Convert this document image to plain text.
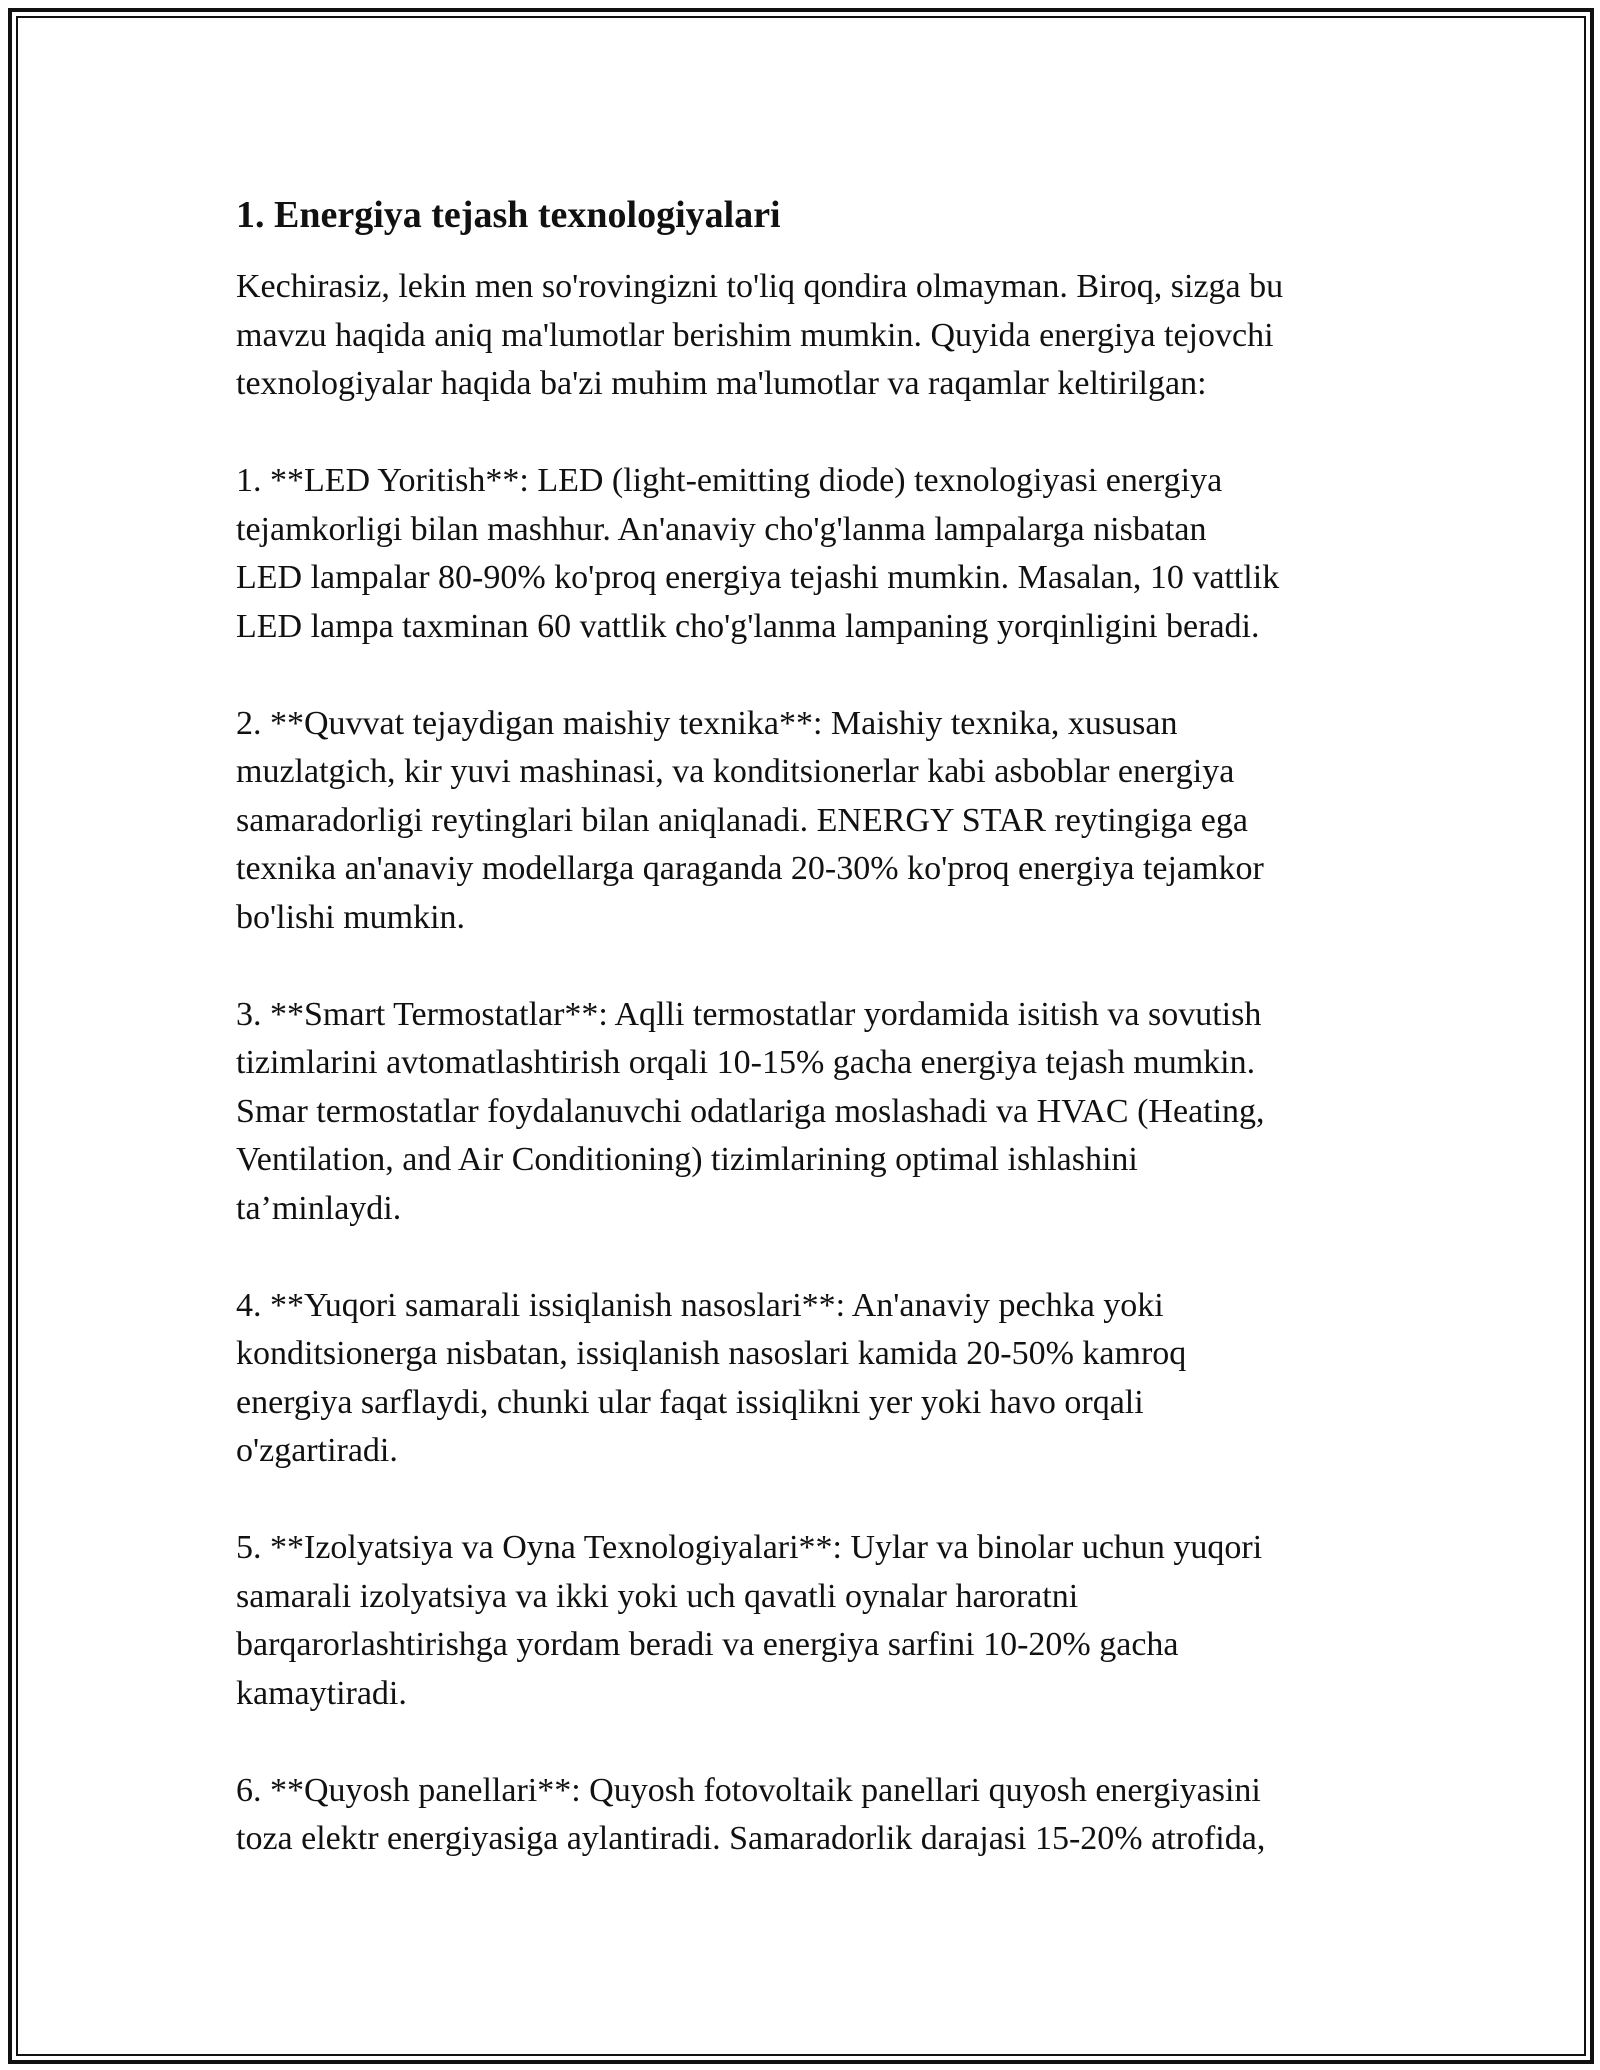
1. Energiya tejash texnologiyalari

Kechirasiz, lekin men so'rovingizni to'liq qondira olmayman. Biroq, sizga bu
mavzu haqida aniq ma'lumotlar berishim mumkin. Quyida energiya tejovchi
texnologiyalar haqida ba'zi muhim ma'lumotlar va raqamlar keltirilgan:

1. **LED Yoritish**: LED (light-emitting diode) texnologiyasi energiya
tejamkorligi bilan mashhur. An'anaviy cho'g'lanma lampalarga nisbatan
LED lampalar 80-90% ko'proq energiya tejashi mumkin. Masalan, 10 vattlik
LED lampa taxminan 60 vattlik cho'g'lanma lampaning yorqinligini beradi.

2. **Quvvat tejaydigan maishiy texnika**: Maishiy texnika, xususan
muzlatgich, kir yuvi mashinasi, va konditsionerlar kabi asboblar energiya
samaradorligi reytinglari bilan aniqlanadi. ENERGY STAR reytingiga ega
texnika an'anaviy modellarga qaraganda 20-30% ko'proq energiya tejamkor
bo'lishi mumkin.

3. **Smart Termostatlar**: Aqlli termostatlar yordamida isitish va sovutish
tizimlarini avtomatlashtirish orqali 10-15% gacha energiya tejash mumkin.
Smar termostatlar foydalanuvchi odatlariga moslashadi va HVAC (Heating,
Ventilation, and Air Conditioning) tizimlarining optimal ishlashini
ta’minlaydi.

4. **Yuqori samarali issiqlanish nasoslari**: An'anaviy pechka yoki
konditsionerga nisbatan, issiqlanish nasoslari kamida 20-50% kamroq
energiya sarflaydi, chunki ular faqat issiqlikni yer yoki havo orqali
o'zgartiradi.

5. **Izolyatsiya va Oyna Texnologiyalari**: Uylar va binolar uchun yuqori
samarali izolyatsiya va ikki yoki uch qavatli oynalar haroratni
barqarorlashtirishga yordam beradi va energiya sarfini 10-20% gacha
kamaytiradi.

6. **Quyosh panellari**: Quyosh fotovoltaik panellari quyosh energiyasini
toza elektr energiyasiga aylantiradi. Samaradorlik darajasi 15-20% atrofida,
